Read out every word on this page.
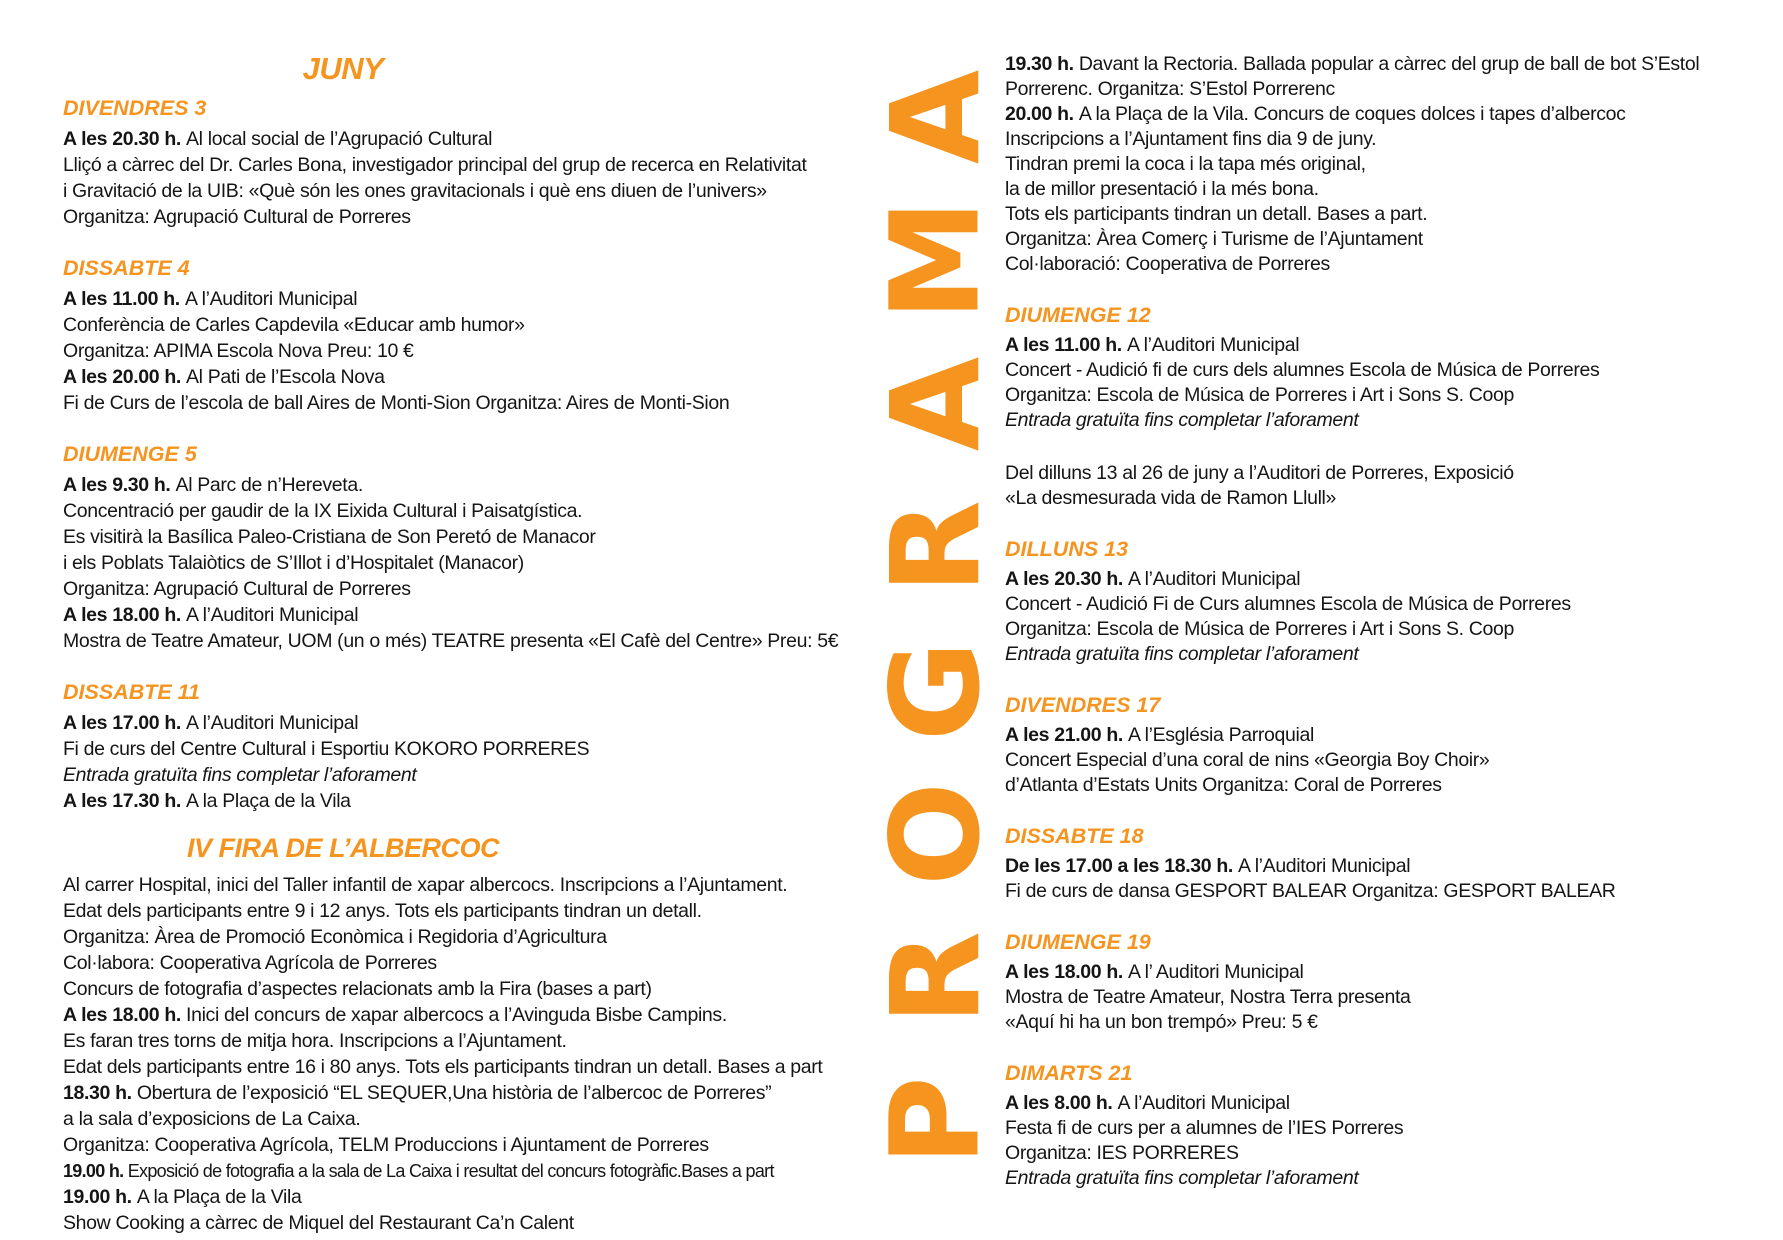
JUNY
DIVENDRES 3
A les 20.30 h. Al local social de l’Agrupació Cultural
Lliçó a càrrec del Dr. Carles Bona, investigador principal del grup de recerca en Relativitat
i Gravitació de la UIB: «Què són les ones gravitacionals i què ens diuen de l’univers»
Organitza: Agrupació Cultural de Porreres
DISSABTE 4
A les 11.00 h. A l’Auditori Municipal
Conferència de Carles Capdevila «Educar amb humor»
Organitza: APIMA Escola Nova Preu: 10 €
A les 20.00 h. Al Pati de l’Escola Nova
Fi de Curs de l’escola de ball Aires de Monti-Sion Organitza: Aires de Monti-Sion
DIUMENGE 5
A les 9.30 h. Al Parc de n’Hereveta.
Concentració per gaudir de la IX Eixida Cultural i Paisatgística.
Es visitirà la Basílica Paleo-Cristiana de Son Peretó de Manacor
i els Poblats Talaiòtics de S’Illot i d’Hospitalet (Manacor)
Organitza: Agrupació Cultural de Porreres
A les 18.00 h. A l’Auditori Municipal
Mostra de Teatre Amateur, UOM (un o més) TEATRE presenta «El Cafè del Centre» Preu: 5€
DISSABTE 11
A les 17.00 h. A l’Auditori Municipal
Fi de curs del Centre Cultural i Esportiu KOKORO PORRERES
Entrada gratuïta fins completar l’aforament
A les 17.30 h. A la Plaça de la Vila
IV FIRA DE L’ALBERCOC
Al carrer Hospital, inici del Taller infantil de xapar albercocs. Inscripcions a l’Ajuntament.
Edat dels participants entre 9 i 12 anys. Tots els participants tindran un detall.
Organitza: Àrea de Promoció Econòmica i Regidoria d’Agricultura
Col·labora: Cooperativa Agrícola de Porreres
Concurs de fotografia d’aspectes relacionats amb la Fira (bases a part)
A les 18.00 h. Inici del concurs de xapar albercocs a l’Avinguda Bisbe Campins.
Es faran tres torns de mitja hora. Inscripcions a l’Ajuntament.
Edat dels participants entre 16 i 80 anys. Tots els participants tindran un detall. Bases a part
18.30 h. Obertura de l’exposició “EL SEQUER,Una història de l’albercoc de Porreres”
a la sala d’exposicions de La Caixa.
Organitza: Cooperativa Agrícola, TELM Produccions i Ajuntament de Porreres
19.00 h. Exposició de fotografia a la sala de La Caixa i resultat del concurs fotogràfic.Bases a part
19.00 h. A la Plaça de la Vila
Show Cooking a càrrec de Miquel del Restaurant Ca’n Calent
A
M
A
R
G
O
R
P
19.30 h. Davant la Rectoria. Ballada popular a càrrec del grup de ball de bot S’Estol
Porrerenc. Organitza: S’Estol Porrerenc
20.00 h. A la Plaça de la Vila. Concurs de coques dolces i tapes d’albercoc
Inscripcions a l’Ajuntament fins dia 9 de juny.
Tindran premi la coca i la tapa més original,
la de millor presentació i la més bona.
Tots els participants tindran un detall. Bases a part.
Organitza: Àrea Comerç i Turisme de l’Ajuntament
Col·laboració: Cooperativa de Porreres
DIUMENGE 12
A les 11.00 h. A l’Auditori Municipal
Concert - Audició fi de curs dels alumnes Escola de Música de Porreres
Organitza: Escola de Música de Porreres i Art i Sons S. Coop
Entrada gratuïta fins completar l’aforament
Del dilluns 13 al 26 de juny a l’Auditori de Porreres, Exposició
«La desmesurada vida de Ramon Llull»
DILLUNS 13
A les 20.30 h. A l’Auditori Municipal
Concert - Audició Fi de Curs alumnes Escola de Música de Porreres
Organitza: Escola de Música de Porreres i Art i Sons S. Coop
Entrada gratuïta fins completar l’aforament
DIVENDRES 17
A les 21.00 h. A l’Església Parroquial
Concert Especial d’una coral de nins «Georgia Boy Choir»
d’Atlanta d’Estats Units Organitza: Coral de Porreres
DISSABTE 18
De les 17.00 a les 18.30 h. A l’Auditori Municipal
Fi de curs de dansa GESPORT BALEAR Organitza: GESPORT BALEAR
DIUMENGE 19
A les 18.00 h. A l’ Auditori Municipal
Mostra de Teatre Amateur, Nostra Terra presenta
«Aquí hi ha un bon trempó» Preu: 5 €
DIMARTS 21
A les 8.00 h. A l’Auditori Municipal
Festa fi de curs per a alumnes de l’IES Porreres
Organitza: IES PORRERES
Entrada gratuïta fins completar l’aforament
